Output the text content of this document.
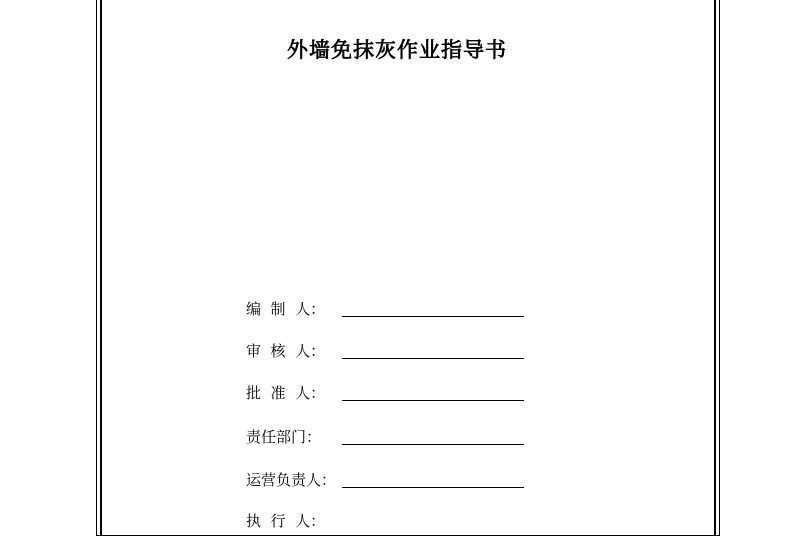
外墙免抹灰作业指导书
编  制  人：
审  核  人：
批  准  人：
责任部门：
运营负责人：
执  行  人：
